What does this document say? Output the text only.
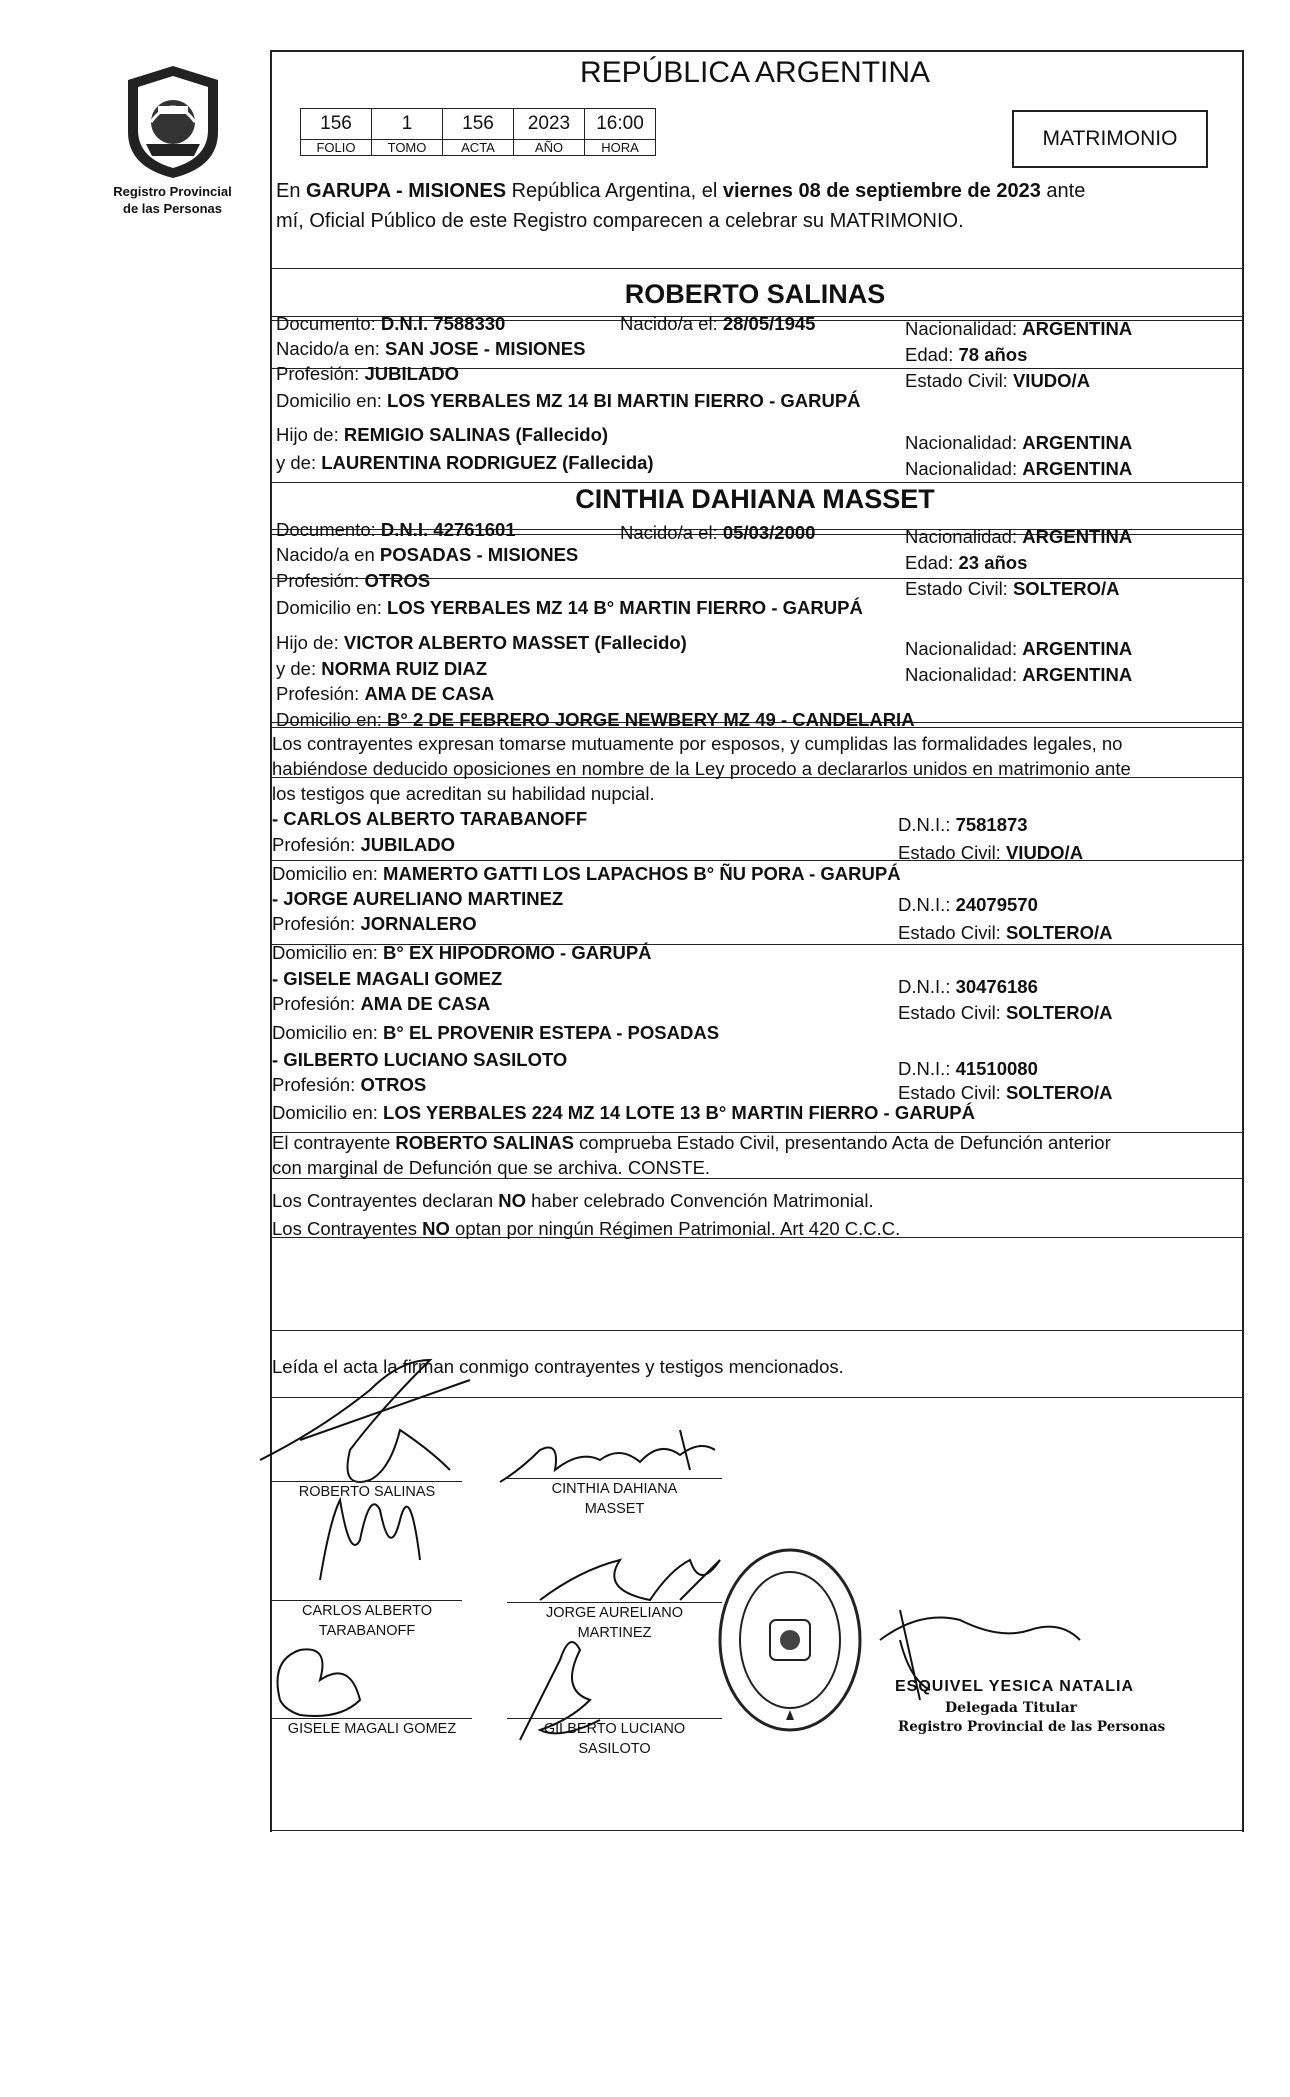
Registro Provincial
de las Personas
REPÚBLICA ARGENTINA
156	1	156	2023	16:00
FOLIO	TOMO	ACTA	AÑO	HORA	MATRIMONIO
En GARUPA - MISIONES República Argentina, el viernes 08 de septiembre de 2023 ante
mí, Oficial Público de este Registro comparecen a celebrar su MATRIMONIO.
ROBERTO SALINAS
Documento: D.N.I. 7588330	Nacido/a el: 28/05/1945	Nacionalidad: ARGENTINA
Nacido/a en: SAN JOSE - MISIONES	Edad: 78 años
Profesión: JUBILADO	Estado Civil: VIUDO/A
Domicilio en: LOS YERBALES MZ 14 BI MARTIN FIERRO - GARUPÁ
Hijo de: REMIGIO SALINAS (Fallecido)	Nacionalidad: ARGENTINA
y de: LAURENTINA RODRIGUEZ (Fallecida)	Nacionalidad: ARGENTINA
CINTHIA DAHIANA MASSET
Documento: D.N.I. 42761601	Nacido/a el: 05/03/2000	Nacionalidad: ARGENTINA
Nacido/a en POSADAS - MISIONES	Edad: 23 años
Profesión: OTROS	Estado Civil: SOLTERO/A
Domicilio en: LOS YERBALES MZ 14 B° MARTIN FIERRO - GARUPÁ
Hijo de: VICTOR ALBERTO MASSET (Fallecido)	Nacionalidad: ARGENTINA
y de: NORMA RUIZ DIAZ	Nacionalidad: ARGENTINA
Profesión: AMA DE CASA
Domicilio en: B° 2 DE FEBRERO JORGE NEWBERY MZ 49 - CANDELARIA
Los contrayentes expresan tomarse mutuamente por esposos, y cumplidas las formalidades legales, no
habiéndose deducido oposiciones en nombre de la Ley procedo a declararlos unidos en matrimonio ante
los testigos que acreditan su habilidad nupcial.
- CARLOS ALBERTO TARABANOFF	D.N.I.: 7581873
Profesión: JUBILADO	Estado Civil: VIUDO/A
Domicilio en: MAMERTO GATTI LOS LAPACHOS B° ÑU PORA - GARUPÁ
- JORGE AURELIANO MARTINEZ	D.N.I.: 24079570
Profesión: JORNALERO	Estado Civil: SOLTERO/A
Domicilio en: B° EX HIPODROMO - GARUPÁ
- GISELE MAGALI GOMEZ	D.N.I.: 30476186
Profesión: AMA DE CASA	Estado Civil: SOLTERO/A
Domicilio en: B° EL PROVENIR ESTEPA - POSADAS
- GILBERTO LUCIANO SASILOTO	D.N.I.: 41510080
Profesión: OTROS	Estado Civil: SOLTERO/A
Domicilio en: LOS YERBALES 224 MZ 14 LOTE 13 B° MARTIN FIERRO - GARUPÁ
El contrayente ROBERTO SALINAS comprueba Estado Civil, presentando Acta de Defunción anterior
con marginal de Defunción que se archiva. CONSTE.
Los Contrayentes declaran NO haber celebrado Convención Matrimonial.
Los Contrayentes NO optan por ningún Régimen Patrimonial. Art 420 C.C.C.
Leída el acta la firman conmigo contrayentes y testigos mencionados.
ROBERTO SALINAS	CINTHIA DAHIANA
MASSET
CARLOS ALBERTO
TARABANOFF
JORGE AURELIANO
MARTINEZ
GISELE MAGALI GOMEZ	GILBERTO LUCIANO
SASILOTO
ESQUIVEL YESICA NATALIA
Delegada Titular
Registro Provincial de las Personas
